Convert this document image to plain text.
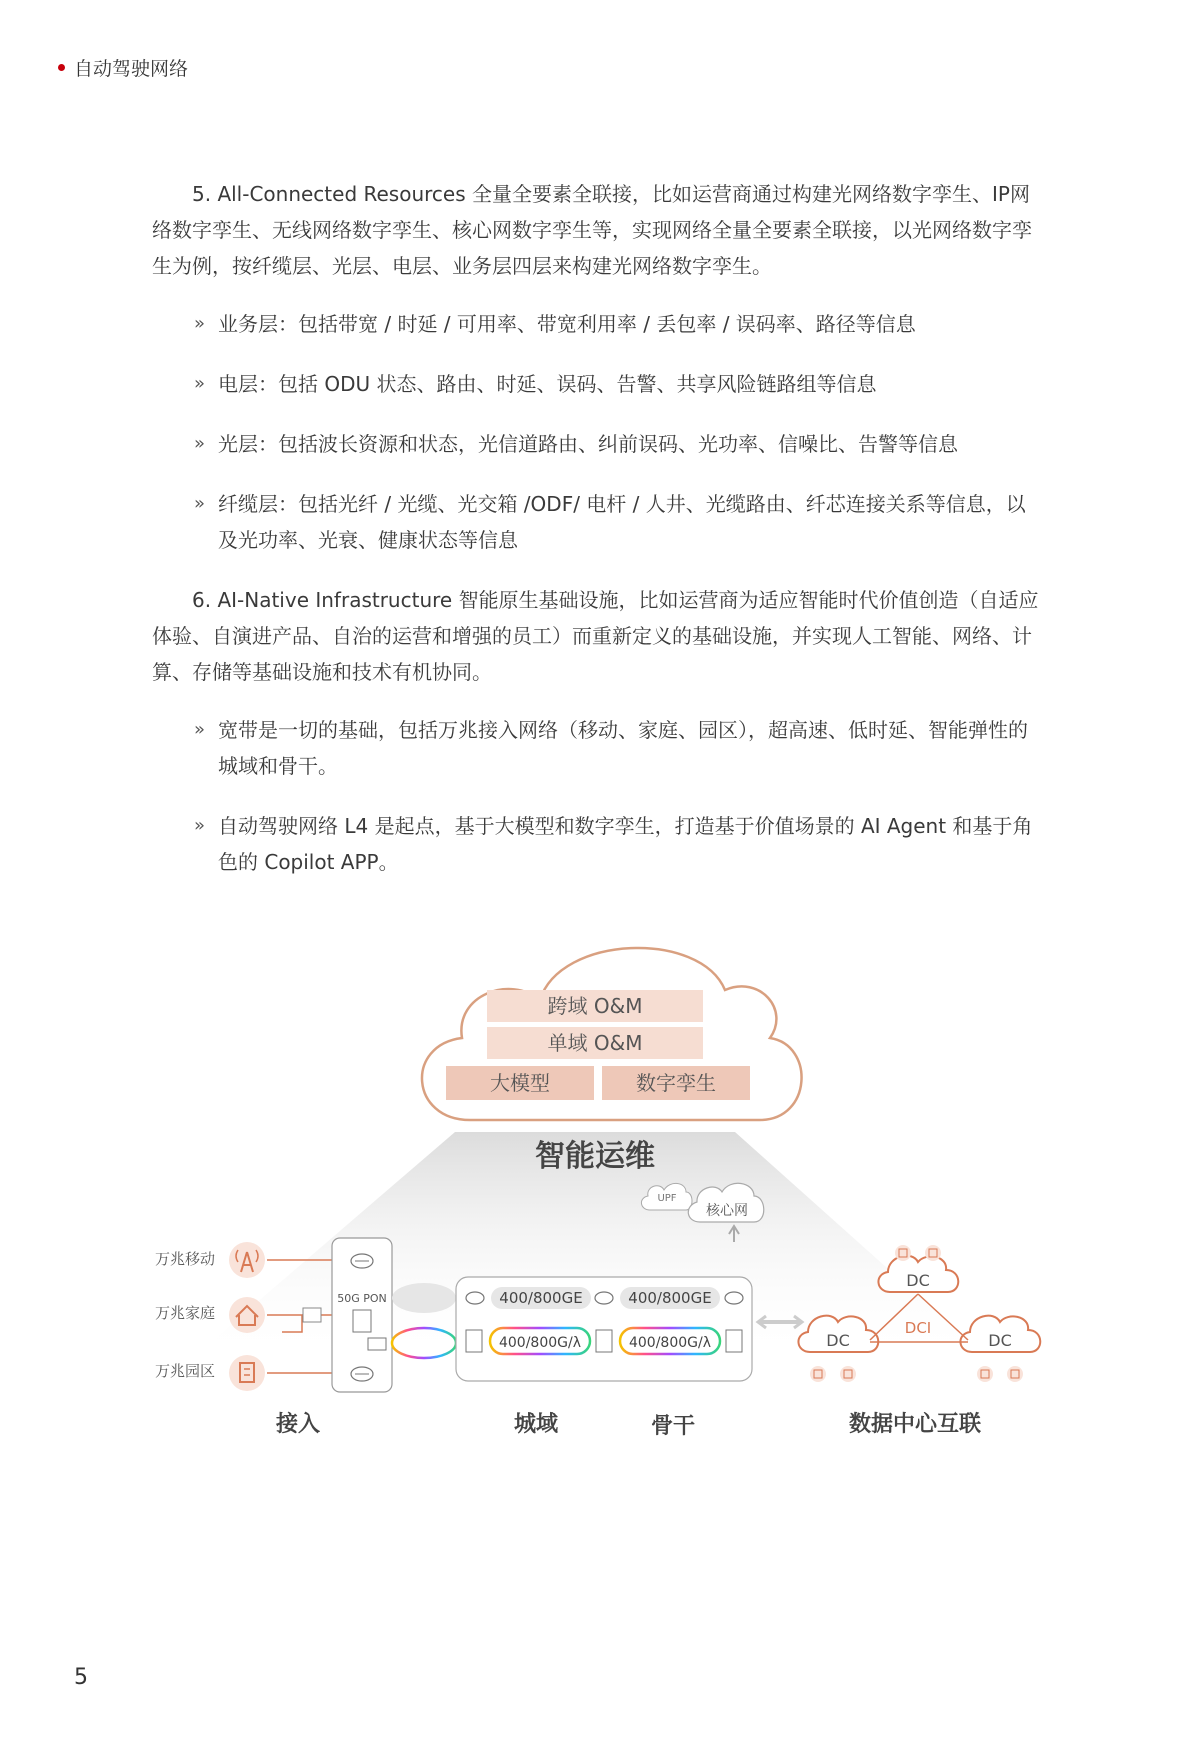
自动驾驶网络

5. All-Connected Resources 全量全要素全联接，比如运营商通过构建光网络数字孪生、IP网络数字孪生、无线网络数字孪生、核心网数字孪生等，实现网络全量全要素全联接，以光网络数字孪生为例，按纤缆层、光层、电层、业务层四层来构建光网络数字孪生。

» 业务层：包括带宽 / 时延 / 可用率、带宽利用率 / 丢包率 / 误码率、路径等信息
» 电层：包括 ODU 状态、路由、时延、误码、告警、共享风险链路组等信息
» 光层：包括波长资源和状态，光信道路由、纠前误码、光功率、信噪比、告警等信息
» 纤缆层：包括光纤 / 光缆、光交箱 /ODF/ 电杆 / 人井、光缆路由、纤芯连接关系等信息，以及光功率、光衰、健康状态等信息

6. AI-Native Infrastructure 智能原生基础设施，比如运营商为适应智能时代价值创造（自适应体验、自演进产品、自治的运营和增强的员工）而重新定义的基础设施，并实现人工智能、网络、计算、存储等基础设施和技术有机协同。

» 宽带是一切的基础，包括万兆接入网络（移动、家庭、园区），超高速、低时延、智能弹性的城域和骨干。
» 自动驾驶网络 L4 是起点，基于大模型和数字孪生，打造基于价值场景的 AI Agent 和基于角色的 Copilot APP。
跨域 O&M
单域 O&M
大模型	数字孪生
智能运维
万兆移动
万兆家庭
万兆园区
50G PON
UPF
核心网
400/800GE	400/800GE
400/800G/λ	400/800G/λ
DC
DC	DC
DCI
接入	城域	骨干	数据中心互联
5
